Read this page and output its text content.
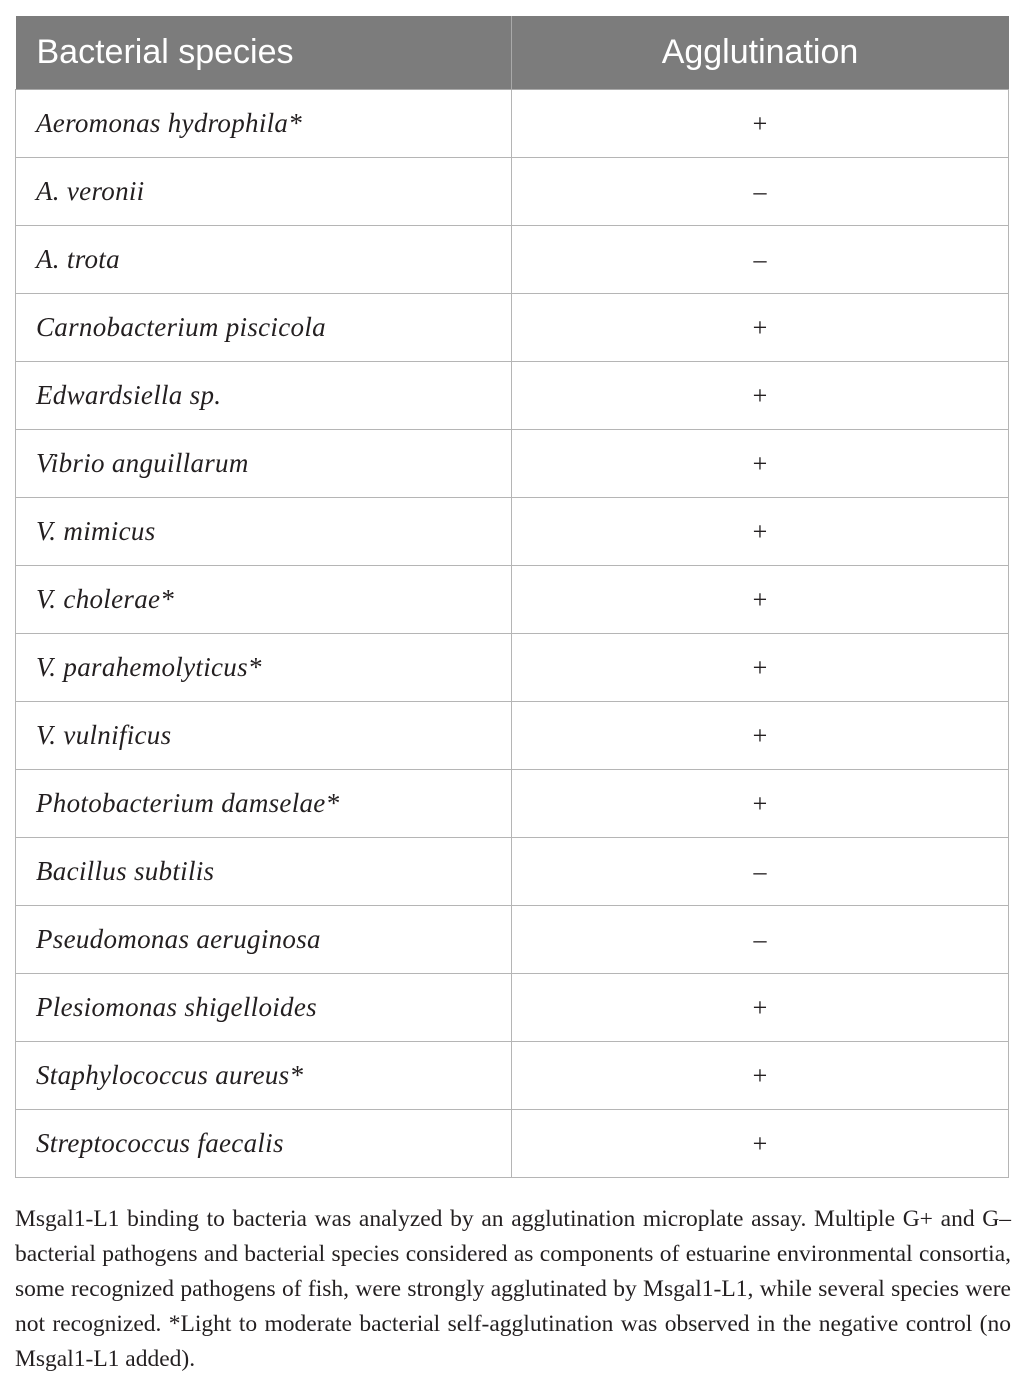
Bacterial species	Agglutination
Aeromonas hydrophila*	+
A. veronii	–
A. trota	–
Carnobacterium piscicola	+
Edwardsiella sp.	+
Vibrio anguillarum	+
V. mimicus	+
V. cholerae*	+
V. parahemolyticus*	+
V. vulnificus	+
Photobacterium damselae*	+
Bacillus subtilis	–
Pseudomonas aeruginosa	–
Plesiomonas shigelloides	+
Staphylococcus aureus*	+
Streptococcus faecalis	+

Msgal1-L1 binding to bacteria was analyzed by an agglutination microplate assay. Multiple G+ and G– bacterial pathogens and bacterial species considered as components of estuarine environmental consortia, some recognized pathogens of fish, were strongly agglutinated by Msgal1-L1, while several species were not recognized. *Light to moderate bacterial self-agglutination was observed in the negative control (no Msgal1-L1 added).
